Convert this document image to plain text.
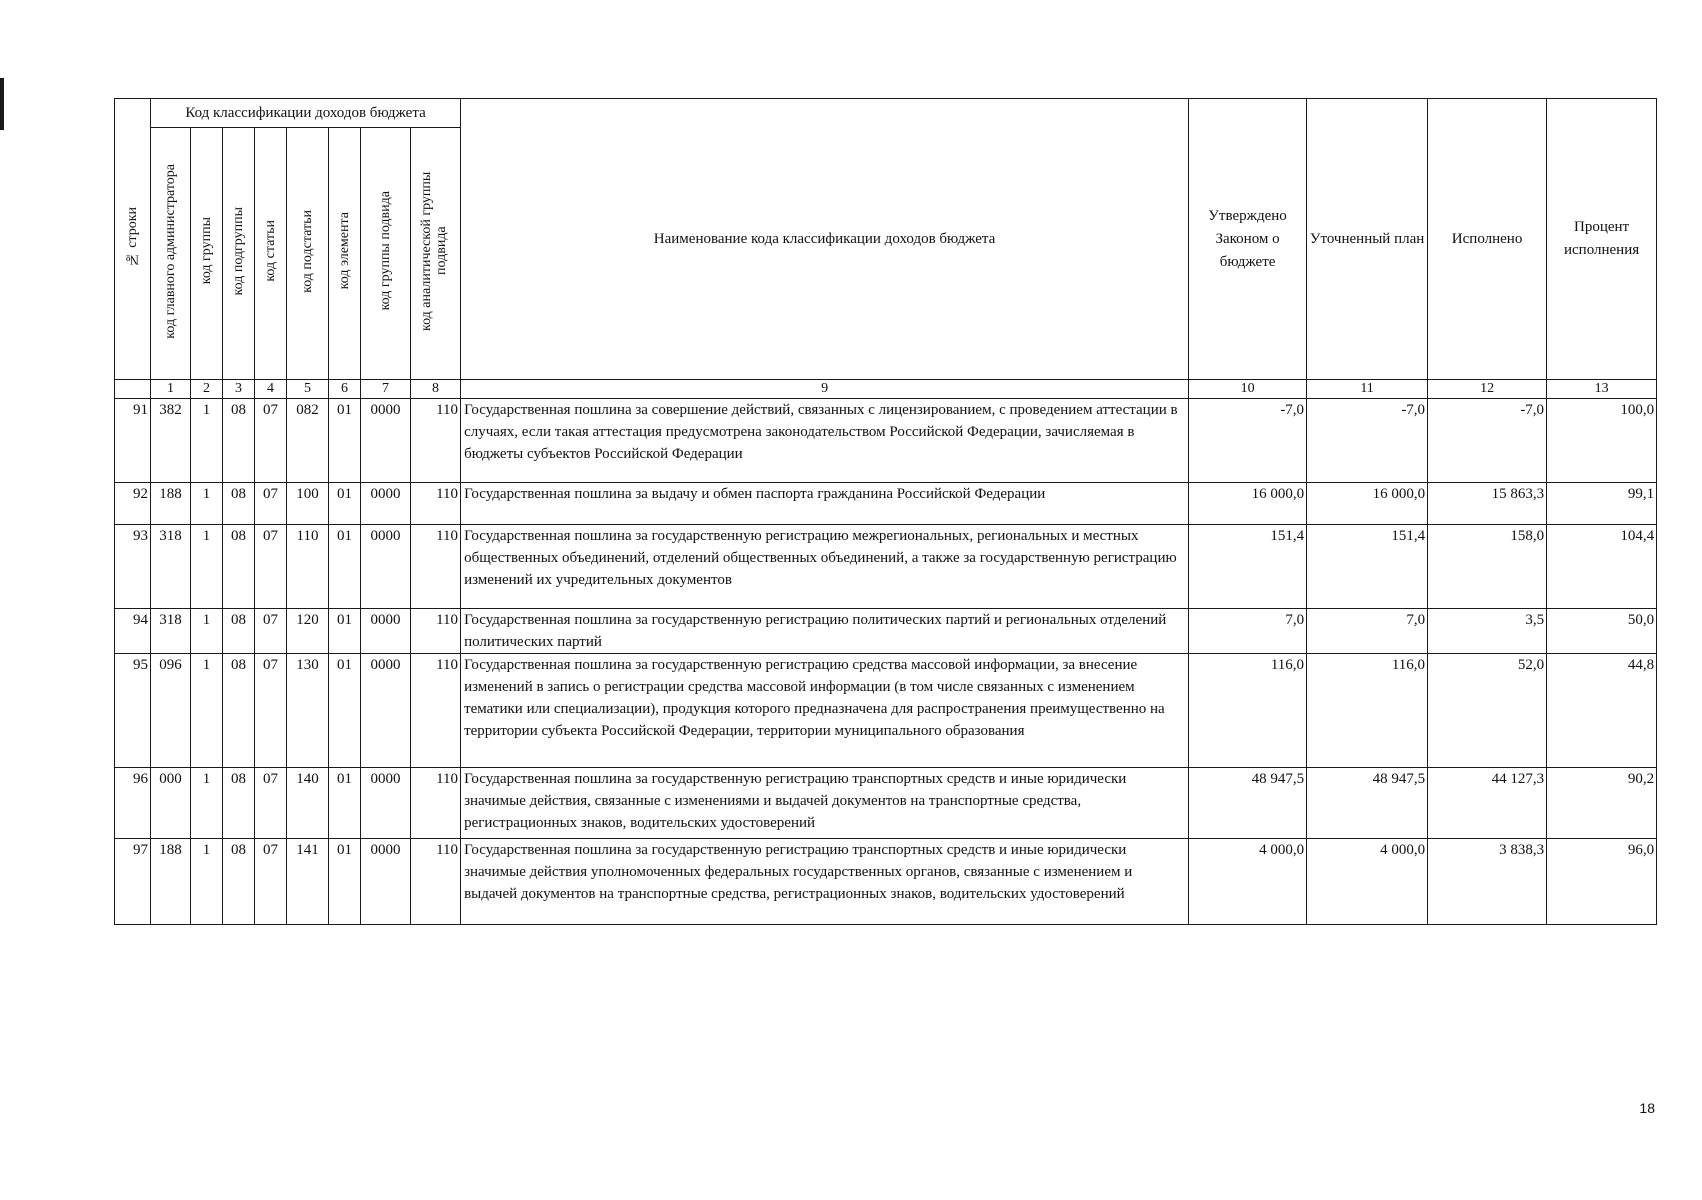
№ строки	Код классификации доходов бюджета								Наименование кода классификации доходов бюджета	Утверждено Законом о бюджете	Уточненный план	Исполнено	Процент исполнения
	код главного администратора	код группы	код подгруппы	код статьи	код подстатьи	код элемента	код группы подвида	код аналитической группы подвида					
	1	2	3	4	5	6	7	8	9	10	11	12	13
91	382	1	08	07	082	01	0000	110	Государственная пошлина за совершение действий, связанных с лицензированием, с проведением аттестации в случаях, если такая аттестация предусмотрена законодательством Российской Федерации, зачисляемая в бюджеты субъектов Российской Федерации	-7,0	-7,0	-7,0	100,0
92	188	1	08	07	100	01	0000	110	Государственная пошлина за выдачу и обмен паспорта гражданина Российской Федерации	16 000,0	16 000,0	15 863,3	99,1
93	318	1	08	07	110	01	0000	110	Государственная пошлина за государственную регистрацию межрегиональных, региональных и местных общественных объединений, отделений общественных объединений, а также за государственную регистрацию изменений их учредительных документов	151,4	151,4	158,0	104,4
94	318	1	08	07	120	01	0000	110	Государственная пошлина за государственную регистрацию политических партий и региональных отделений политических партий	7,0	7,0	3,5	50,0
95	096	1	08	07	130	01	0000	110	Государственная пошлина за государственную регистрацию средства массовой информации, за внесение изменений в запись о регистрации средства массовой информации (в том числе связанных с изменением тематики или специализации), продукция которого предназначена для распространения преимущественно на территории субъекта Российской Федерации, территории муниципального образования	116,0	116,0	52,0	44,8
96	000	1	08	07	140	01	0000	110	Государственная пошлина за государственную регистрацию транспортных средств и иные юридически значимые действия, связанные с изменениями и выдачей документов на транспортные средства, регистрационных знаков, водительских удостоверений	48 947,5	48 947,5	44 127,3	90,2
97	188	1	08	07	141	01	0000	110	Государственная пошлина за государственную регистрацию транспортных средств и иные юридически значимые действия уполномоченных федеральных государственных органов, связанные с изменением и выдачей документов на транспортные средства, регистрационных знаков, водительских удостоверений	4 000,0	4 000,0	3 838,3	96,0
18
